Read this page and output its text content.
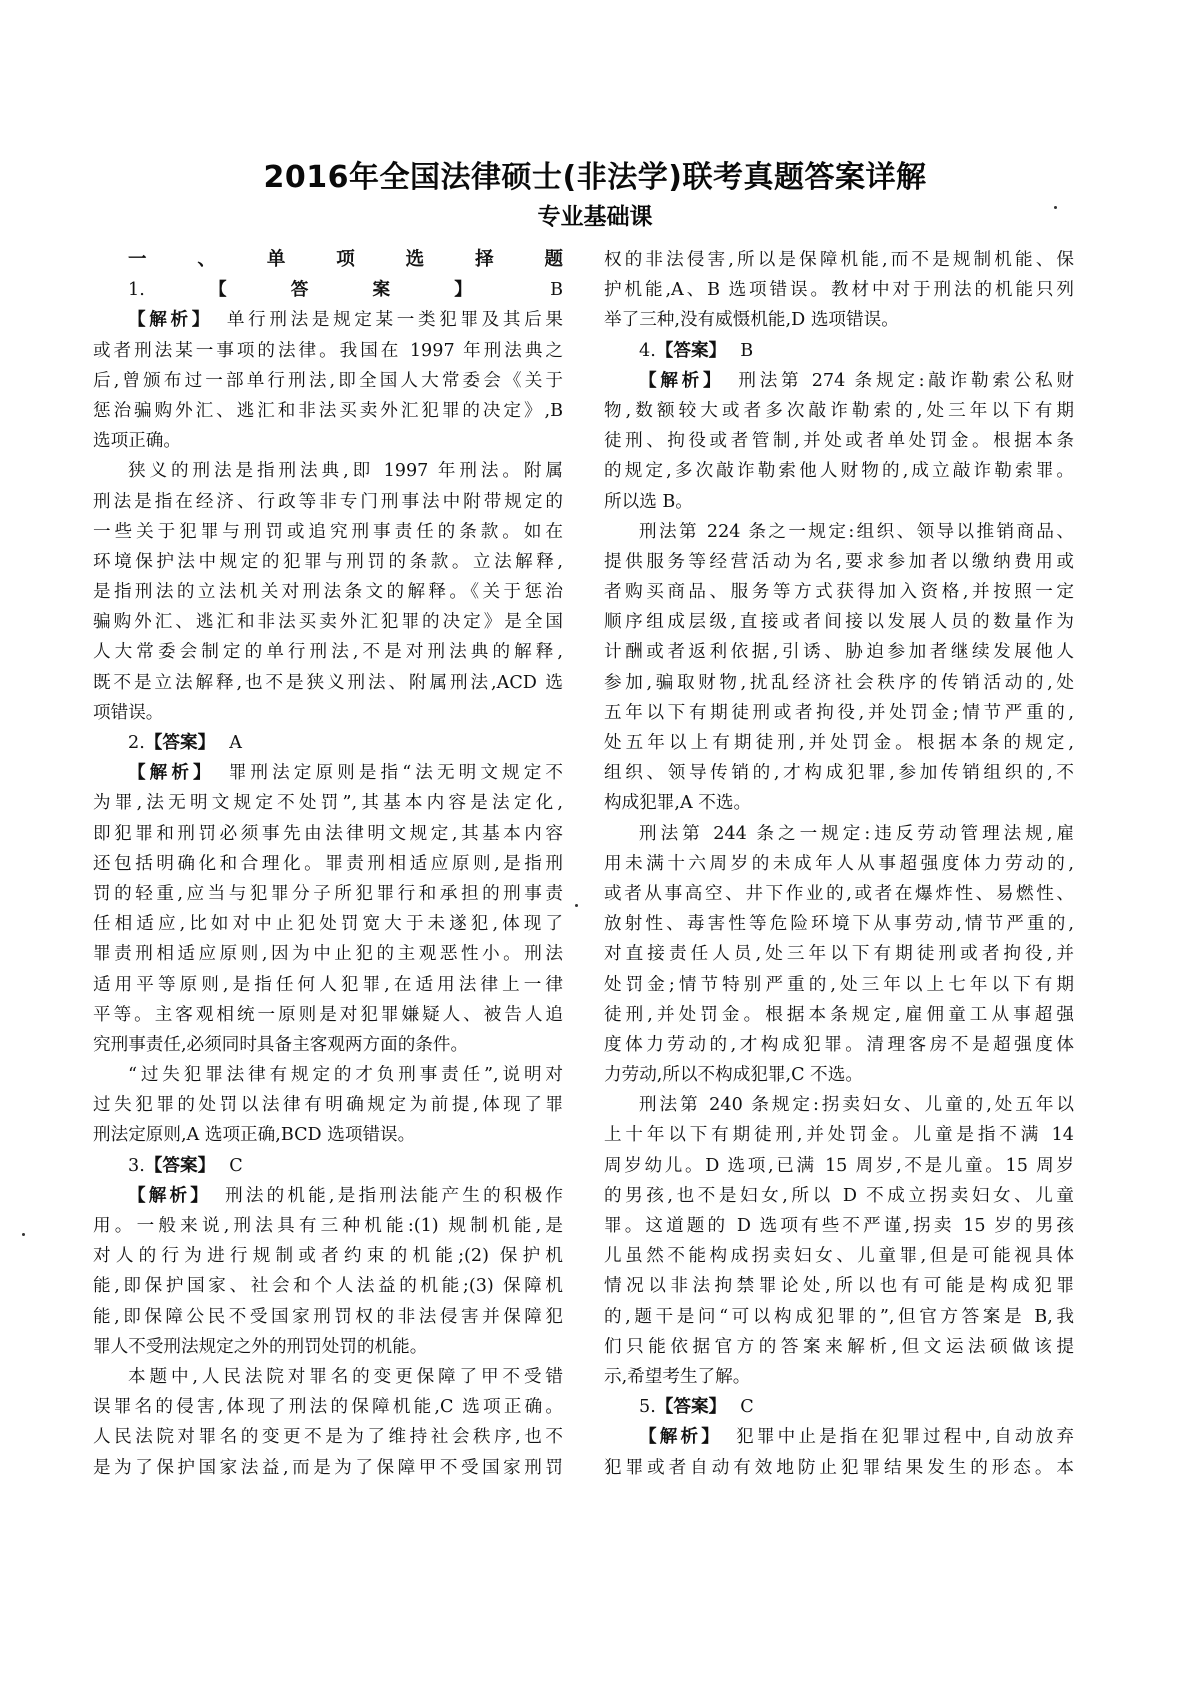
2016年全国法律硕士(非法学)联考真题答案详解
专业基础课
一、单项选择题
1.【答案】 B
【解析】 单行刑法是规定某一类犯罪及其后果
或者刑法某一事项的法律。我国在 1997 年刑法典之
后,曾颁布过一部单行刑法,即全国人大常委会《关于
惩治骗购外汇、逃汇和非法买卖外汇犯罪的决定》,B
选项正确。
狭义的刑法是指刑法典,即 1997 年刑法。附属
刑法是指在经济、行政等非专门刑事法中附带规定的
一些关于犯罪与刑罚或追究刑事责任的条款。如在
环境保护法中规定的犯罪与刑罚的条款。立法解释,
是指刑法的立法机关对刑法条文的解释。《关于惩治
骗购外汇、逃汇和非法买卖外汇犯罪的决定》是全国
人大常委会制定的单行刑法,不是对刑法典的解释,
既不是立法解释,也不是狭义刑法、附属刑法,ACD 选
项错误。
2.【答案】 A
【解析】 罪刑法定原则是指“法无明文规定不
为罪,法无明文规定不处罚”,其基本内容是法定化,
即犯罪和刑罚必须事先由法律明文规定,其基本内容
还包括明确化和合理化。罪责刑相适应原则,是指刑
罚的轻重,应当与犯罪分子所犯罪行和承担的刑事责
任相适应,比如对中止犯处罚宽大于未遂犯,体现了
罪责刑相适应原则,因为中止犯的主观恶性小。刑法
适用平等原则,是指任何人犯罪,在适用法律上一律
平等。主客观相统一原则是对犯罪嫌疑人、被告人追
究刑事责任,必须同时具备主客观两方面的条件。
“过失犯罪法律有规定的才负刑事责任”,说明对
过失犯罪的处罚以法律有明确规定为前提,体现了罪
刑法定原则,A 选项正确,BCD 选项错误。
3.【答案】 C
【解析】 刑法的机能,是指刑法能产生的积极作
用。一般来说,刑法具有三种机能:(1) 规制机能,是
对人的行为进行规制或者约束的机能;(2) 保护机
能,即保护国家、社会和个人法益的机能;(3) 保障机
能,即保障公民不受国家刑罚权的非法侵害并保障犯
罪人不受刑法规定之外的刑罚处罚的机能。
本题中,人民法院对罪名的变更保障了甲不受错
误罪名的侵害,体现了刑法的保障机能,C 选项正确。
人民法院对罪名的变更不是为了维持社会秩序,也不
是为了保护国家法益,而是为了保障甲不受国家刑罚
权的非法侵害,所以是保障机能,而不是规制机能、保
护机能,A、B 选项错误。教材中对于刑法的机能只列
举了三种,没有威慑机能,D 选项错误。
4.【答案】 B
【解析】 刑法第 274 条规定:敲诈勒索公私财
物,数额较大或者多次敲诈勒索的,处三年以下有期
徒刑、拘役或者管制,并处或者单处罚金。根据本条
的规定,多次敲诈勒索他人财物的,成立敲诈勒索罪。
所以选 B。
刑法第 224 条之一规定:组织、领导以推销商品、
提供服务等经营活动为名,要求参加者以缴纳费用或
者购买商品、服务等方式获得加入资格,并按照一定
顺序组成层级,直接或者间接以发展人员的数量作为
计酬或者返利依据,引诱、胁迫参加者继续发展他人
参加,骗取财物,扰乱经济社会秩序的传销活动的,处
五年以下有期徒刑或者拘役,并处罚金;情节严重的,
处五年以上有期徒刑,并处罚金。根据本条的规定,
组织、领导传销的,才构成犯罪,参加传销组织的,不
构成犯罪,A 不选。
刑法第 244 条之一规定:违反劳动管理法规,雇
用未满十六周岁的未成年人从事超强度体力劳动的,
或者从事高空、井下作业的,或者在爆炸性、易燃性、
放射性、毒害性等危险环境下从事劳动,情节严重的,
对直接责任人员,处三年以下有期徒刑或者拘役,并
处罚金;情节特别严重的,处三年以上七年以下有期
徒刑,并处罚金。根据本条规定,雇佣童工从事超强
度体力劳动的,才构成犯罪。清理客房不是超强度体
力劳动,所以不构成犯罪,C 不选。
刑法第 240 条规定:拐卖妇女、儿童的,处五年以
上十年以下有期徒刑,并处罚金。儿童是指不满 14
周岁幼儿。D 选项,已满 15 周岁,不是儿童。15 周岁
的男孩,也不是妇女,所以 D 不成立拐卖妇女、儿童
罪。这道题的 D 选项有些不严谨,拐卖 15 岁的男孩
儿虽然不能构成拐卖妇女、儿童罪,但是可能视具体
情况以非法拘禁罪论处,所以也有可能是构成犯罪
的,题干是问“可以构成犯罪的”,但官方答案是 B,我
们只能依据官方的答案来解析,但文运法硕做该提
示,希望考生了解。
5.【答案】 C
【解析】 犯罪中止是指在犯罪过程中,自动放弃
犯罪或者自动有效地防止犯罪结果发生的形态。本
